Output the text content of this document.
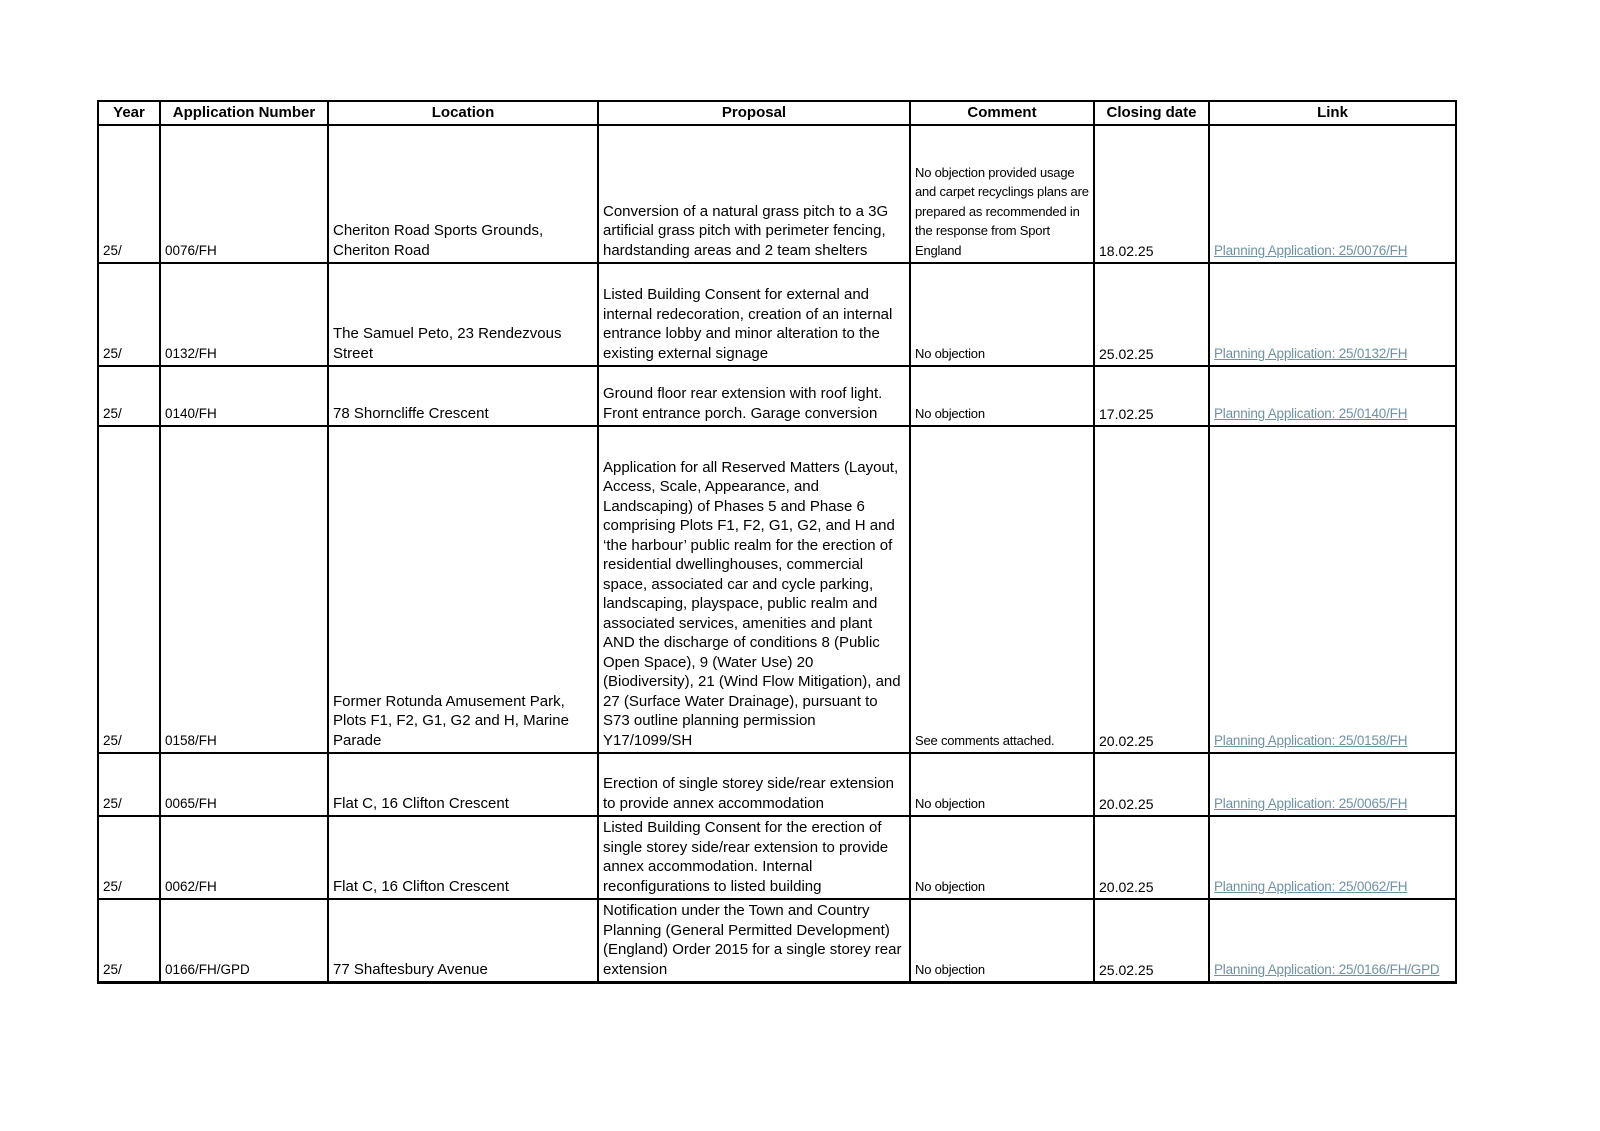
Year	Application Number	Location	Proposal	Comment	Closing date	Link
25/	0076/FH	Cheriton Road Sports Grounds, Cheriton Road	Conversion of a natural grass pitch to a 3G artificial grass pitch with perimeter fencing, hardstanding areas and 2 team shelters	No objection provided usage and carpet recyclings plans are prepared as recommended in the response from Sport England	18.02.25	Planning Application: 25/0076/FH
25/	0132/FH	The Samuel Peto, 23 Rendezvous Street	Listed Building Consent for external and internal redecoration, creation of an internal entrance lobby and minor alteration to the existing external signage	No objection	25.02.25	Planning Application: 25/0132/FH
25/	0140/FH	78 Shorncliffe Crescent	Ground floor rear extension with roof light. Front entrance porch. Garage conversion	No objection	17.02.25	Planning Application: 25/0140/FH
25/	0158/FH	Former Rotunda Amusement Park, Plots F1, F2, G1, G2 and H, Marine Parade	Application for all Reserved Matters (Layout, Access, Scale, Appearance, and Landscaping) of Phases 5 and Phase 6 comprising Plots F1, F2, G1, G2, and H and ‘the harbour’ public realm for the erection of residential dwellinghouses, commercial space, associated car and cycle parking, landscaping, playspace, public realm and associated services, amenities and plant AND the discharge of conditions 8 (Public Open Space), 9 (Water Use) 20 (Biodiversity), 21 (Wind Flow Mitigation), and 27 (Surface Water Drainage), pursuant to S73 outline planning permission Y17/1099/SH	See comments attached.	20.02.25	Planning Application: 25/0158/FH
25/	0065/FH	Flat C, 16 Clifton Crescent	Erection of single storey side/rear extension to provide annex accommodation	No objection	20.02.25	Planning Application: 25/0065/FH
25/	0062/FH	Flat C, 16 Clifton Crescent	Listed Building Consent for the erection of single storey side/rear extension to provide annex accommodation. Internal reconfigurations to listed building	No objection	20.02.25	Planning Application: 25/0062/FH
25/	0166/FH/GPD	77 Shaftesbury Avenue	Notification under the Town and Country Planning (General Permitted Development) (England) Order 2015 for a single storey rear extension	No objection	25.02.25	Planning Application: 25/0166/FH/GPD
